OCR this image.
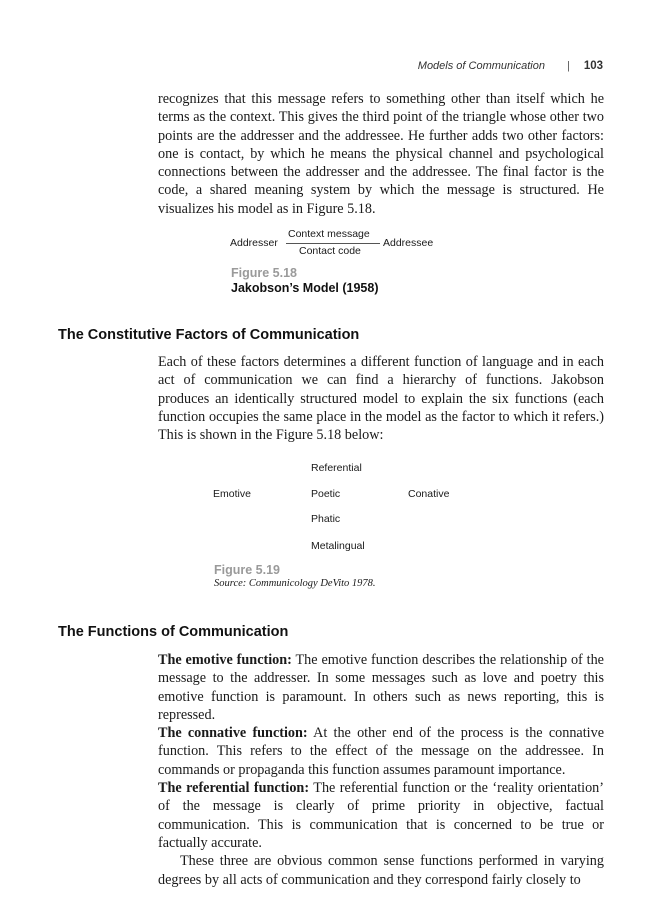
Models of Communication | 103

recognizes that this message refers to something other than itself which he terms as the context. This gives the third point of the triangle whose other two points are the addresser and the addressee. He further adds two other factors: one is contact, by which he means the physical channel and psychological connections between the addresser and the addressee. The final factor is the code, a shared meaning system by which the message is structured. He visualizes his model as in Figure 5.18.

Context message
Addresser	Addressee
Contact code
Figure 5.18
Jakobson’s Model (1958)
The Constitutive Factors of Communication

Each of these factors determines a different function of language and in each act of communication we can find a hierarchy of functions. Jakobson produces an identically structured model to explain the six functions (each function occupies the same place in the model as the factor to which it refers.) This is shown in the Figure 5.18 below:

Referential
Emotive	Poetic	Conative
Phatic
Metalingual
Figure 5.19
Source: Communicology DeVito 1978.
The Functions of Communication

The emotive function: The emotive function describes the relationship of the message to the addresser. In some messages such as love and poetry this emotive function is paramount. In others such as news reporting, this is repressed.

The connative function: At the other end of the process is the connative function. This refers to the effect of the message on the addressee. In commands or propaganda this function assumes paramount importance.

The referential function: The referential function or the ‘reality orientation’ of the message is clearly of prime priority in objective, factual communication. This is communication that is concerned to be true or factually accurate.

These three are obvious common sense functions performed in varying degrees by all acts of communication and they correspond fairly closely to
